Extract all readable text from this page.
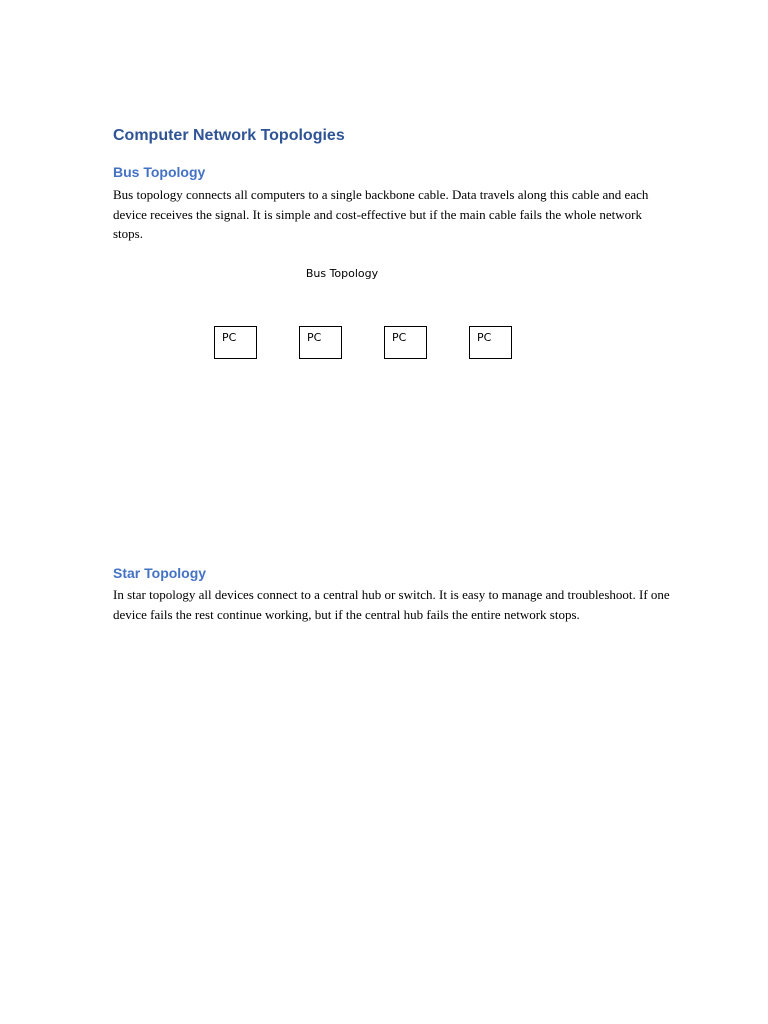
Computer Network Topologies
Bus Topology

Bus topology connects all computers to a single backbone cable. Data travels along this cable and each device receives the signal. It is simple and cost-effective but if the main cable fails the whole network stops.

Bus Topology
PC	PC	PC	PC
Star Topology

In star topology all devices connect to a central hub or switch. It is easy to manage and troubleshoot. If one device fails the rest continue working, but if the central hub fails the entire network stops.
